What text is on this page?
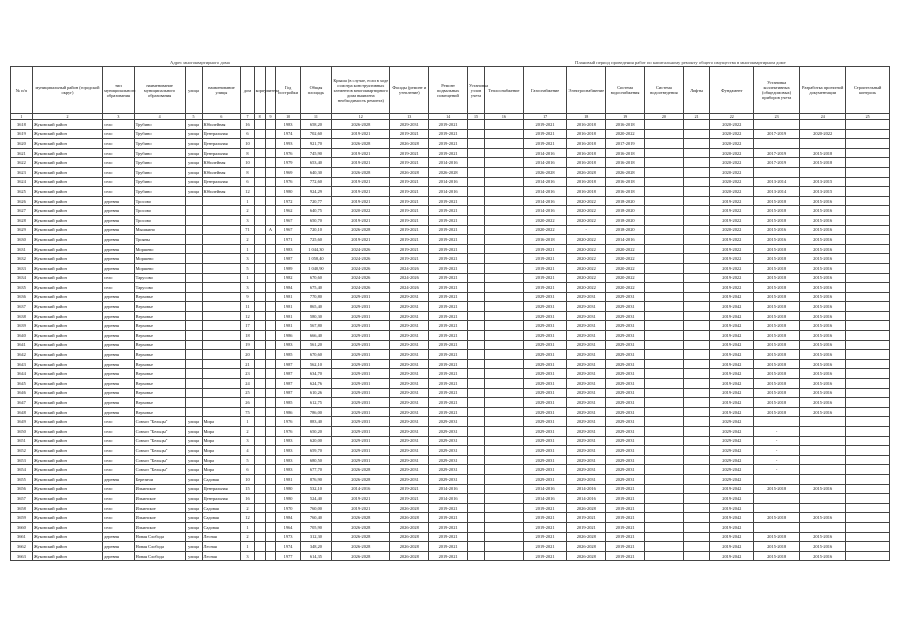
Адрес многоквартирного дома	Плановый период проведения работ по капитальному ремонту общего имущества в многоквартирном доме
№ п/п	муниципальный район (городской округ)	тип муниципального образования	наименование муниципального образования	улица	наименование улицы	дом	корпус	литера	Год постройки	Общая площадь	Крыша (в случае, если в ходе осмотра конструктивных элементов многоквартирного дома выявлена необходимость ремонта)	Фасады (ремонт и утепление)	Ремонт подвальных помещений	Установка узлов учета	Теплоснабжение	Газоснабжение	Электроснабжение	Система водоснабжения	Система водоотведения	Лифты	Фундамент	Установка коллективных (общедомовых) приборов учета	Разработка проектной документации	Строительный контроль
1	2	3	4	5	6	7	8	9	10	11	12	13	14	15	16	17	18	19	20	21	22	23	24	25
3618	Жуковский район	село	Трубино	улица	Юбилейная	16			1983	658,20	2026-2028	2029-2031	2019-2021			2019-2021	2016-2018	2016-2018			2020-2022			
3619	Жуковский район	село	Трубино	улица	Центральная	6			1974	702,60	2019-2021	2019-2021	2019-2021			2019-2021	2016-2018	2020-2022			2020-2022	2017-2019	2020-2022	
3620	Жуковский район	село	Трубино	улица	Центральная	10			1993	921,70	2026-2028	2026-2028	2019-2021			2019-2021	2016-2018	2017-2019			2020-2022			
3621	Жуковский район	село	Трубино	улица	Центральная	8			1976	745,90	2019-2021	2019-2021	2019-2021			2014-2016	2016-2018	2016-2018			2020-2022	2017-2019	2015-2018	
3622	Жуковский район	село	Трубино	улица	Юбилейная	10			1979	653,40	2019-2021	2019-2021	2014-2016			2014-2016	2016-2018	2016-2018			2020-2022	2017-2019	2015-2018	
3623	Жуковский район	село	Трубино	улица	Юбилейная	8			1969	640,30	2026-2028	2026-2028	2026-2028			2026-2028	2026-2028	2026-2028			2020-2022			
3624	Жуковский район	село	Трубино	улица	Центральная	6			1976	772,60	2019-2021	2019-2021	2014-2016			2014-2016	2016-2018	2016-2018			2020-2022	2013-2014	2013-2015	
3625	Жуковский район	село	Трубино	улица	Юбилейная	12			1980	924,29	2019-2021	2019-2021	2014-2016			2014-2016	2016-2018	2016-2018			2020-2022	2013-2014	2013-2015	
3626	Жуковский район	деревня	Тросово			1			1972	720,77	2019-2021	2019-2021	2019-2021			2014-2016	2020-2022	2018-2020			2019-2022	2015-2018	2015-2016	
3627	Жуковский район	деревня	Тросово			2			1962	640,75	2020-2022	2019-2021	2019-2021			2014-2016	2020-2022	2018-2020			2019-2022	2015-2018	2015-2016	
3628	Жуковский район	деревня	Тросово			3			1967	650,70	2019-2021	2019-2021	2019-2021			2020-2022	2020-2022	2018-2020			2019-2022	2015-2018	2015-2016	
3629	Жуковский район	деревня	Мышкино			71		А	1967	720,10	2026-2028	2019-2021	2019-2021			2020-2022	-	2018-2020			2020-2022	2015-2016	2015-2016	
3630	Жуковский район	деревня	Трояны			2			1971	725,60	2019-2021	2019-2021	2019-2021			2016-2018	2020-2022	2014-2016			2019-2022	2015-2016	2015-2016	
3631	Жуковский район	деревня	Моршево			1			1983	1 044,30	2024-2026	2019-2021	2019-2021			2019-2021	2020-2022	2020-2022			2019-2022	2015-2018	2015-2016	
3632	Жуковский район	деревня	Моршево			3			1987	1 058,40	2024-2026	2019-2021	2019-2021			2019-2021	2020-2022	2020-2022			2019-2022	2015-2018	2015-2016	
3633	Жуковский район	деревня	Моршево			5			1989	1 040,90	2024-2026	2024-2026	2019-2021			2019-2021	2020-2022	2020-2022			2019-2022	2015-2018	2015-2016	
3634	Жуковский район	село	Тарусово			1			1982	670,60	2024-2026	2024-2026	2019-2021			2019-2021	2020-2022	2020-2022			2019-2022	2015-2018	2015-2016	
3635	Жуковский район	село	Тарусово			3			1984	675,40	2024-2026	2024-2026	2019-2021			2019-2021	2020-2022	2020-2022			2019-2022	2015-2018	2015-2016	
3636	Жуковский район	деревня	Верховье			9			1981	770,80	2029-2031	2029-2031	2019-2021			2029-2031	2029-2031	2029-2031			2019-2042	2015-2018	2015-2016	
3637	Жуковский район	деревня	Верховье			11			1981	865,40	2029-2031	2029-2031	2019-2021			2029-2031	2029-2031	2029-2031			2019-2042	2015-2018	2015-2016	
3638	Жуковский район	деревня	Верховье			12			1981	580,30	2029-2031	2029-2031	2019-2021			2029-2031	2029-2031	2029-2031			2019-2042	2015-2018	2015-2016	
3639	Жуковский район	деревня	Верховье			17			1981	567,80	2029-2031	2029-2031	2019-2021			2029-2031	2029-2031	2029-2031			2019-2042	2015-2018	2015-2016	
3640	Жуковский район	деревня	Верховье			18			1986	666,40	2029-2031	2029-2031	2019-2021			2029-2031	2029-2031	2029-2031			2019-2042	2015-2018	2015-2016	
3641	Жуковский район	деревня	Верховье			19			1983	561,20	2029-2031	2029-2031	2019-2021			2029-2031	2029-2031	2029-2031			2019-2042	2015-2018	2015-2016	
3642	Жуковский район	деревня	Верховье			20			1985	670,60	2029-2031	2029-2031	2019-2021			2029-2031	2029-2031	2029-2031			2019-2042	2015-2018	2015-2016	
3643	Жуковский район	деревня	Верховье			21			1987	562,10	2029-2031	2029-2031	2019-2021			2029-2031	2029-2031	2029-2031			2019-2042	2015-2018	2015-2016	
3644	Жуковский район	деревня	Верховье			23			1987	634,70	2029-2031	2029-2031	2019-2021			2029-2031	2029-2031	2029-2031			2019-2042	2015-2018	2015-2016	
3645	Жуковский район	деревня	Верховье			24			1987	624,76	2029-2031	2029-2031	2019-2021			2029-2031	2029-2031	2029-2031			2019-2042	2015-2018	2015-2016	
3646	Жуковский район	деревня	Верховье			25			1987	610,26	2029-2031	2029-2031	2019-2021			2029-2031	2029-2031	2029-2031			2019-2042	2015-2018	2015-2016	
3647	Жуковский район	деревня	Верховье			26			1985	612,75	2029-2031	2029-2031	2019-2021			2029-2031	2029-2031	2029-2031			2019-2042	2015-2018	2015-2016	
3648	Жуковский район	деревня	Верховье			75			1986	786,00	2029-2031	2029-2031	2019-2021			2029-2031	2029-2031	2029-2031			2019-2042	2015-2018	2015-2016	
3649	Жуковский район	село	Совхоз "Бельцы"	улица	Мира	1			1976	883,40	2029-2031	2029-2031	2029-2031			2029-2031	2029-2031	2029-2031			2029-2042			
3650	Жуковский район	село	Совхоз "Бельцы"	улица	Мира	2			1976	650,20	2029-2031	2029-2031	2029-2031			2029-2031	2029-2031	2029-2031			2029-2042	-		
3651	Жуковский район	село	Совхоз "Бельцы"	улица	Мира	3			1983	620,00	2029-2031	2029-2031	2029-2031			2029-2031	2029-2031	2029-2031			2029-2042	-		
3652	Жуковский район	село	Совхоз "Бельцы"	улица	Мира	4			1983	659,70	2029-2031	2029-2031	2029-2031			2029-2031	2029-2031	2029-2031			2029-2042	-		
3653	Жуковский район	село	Совхоз "Бельцы"	улица	Мира	5			1983	680,50	2029-2031	2029-2031	2029-2031			2029-2031	2029-2031	2029-2031			2029-2042	-		
3654	Жуковский район	село	Совхоз "Бельцы"	улица	Мира	6			1983	677,70	2026-2028	2029-2031	2029-2031			2029-2031	2029-2031	2029-2031			2029-2042	-		
3655	Жуковский район	деревня	Березичи	улица	Садовая	10			1981	876,90	2026-2028	2029-2031	2029-2031			2029-2031	2029-2031	2029-2031			2029-2042			
3656	Жуковский район	село	Ильинское	улица	Центральная	15			1980	532,10	2014-2016	2019-2021	2014-2016			2014-2016	2014-2016	2019-2021			2019-2042	2015-2018	2015-2016	
3657	Жуковский район	село	Ильинское	улица	Центральная	16			1980	524,40	2019-2021	2019-2021	2014-2016			2014-2016	2014-2016	2019-2021			2019-2042			
3658	Жуковский район	село	Ильинское	улица	Садовая	2			1970	760,00	2019-2021	2026-2028	2019-2021			2019-2021	2026-2028	2019-2021			2019-2042			
3659	Жуковский район	село	Ильинское	улица	Садовая	12			1984	760,40	2026-2028	2026-2028	2019-2021			2019-2021	2019-2021	2019-2021			2019-2042	2015-2018	2015-2016	
3660	Жуковский район	село	Ильинское	улица	Садовая	1			1964	705,90	2026-2028	2026-2028	2019-2021			2019-2021	2019-2021	2019-2021			2019-2042			
3661	Жуковский район	деревня	Новая Слобода	улица	Лесная	2			1973	312,30	2026-2028	2026-2028	2019-2021			2019-2021	2026-2028	2019-2021			2019-2042	2015-2018	2015-2016	
3662	Жуковский район	деревня	Новая Слобода	улица	Лесная	1			1974	348,20	2026-2028	2026-2028	2019-2021			2019-2021	2026-2028	2019-2021			2019-2042	2015-2018	2015-2016	
3663	Жуковский район	деревня	Новая Слобода	улица	Лесная	3			1977	614,35	2026-2028	2026-2028	2019-2021			2019-2021	2026-2028	2019-2021			2019-2042	2015-2018	2015-2016	
